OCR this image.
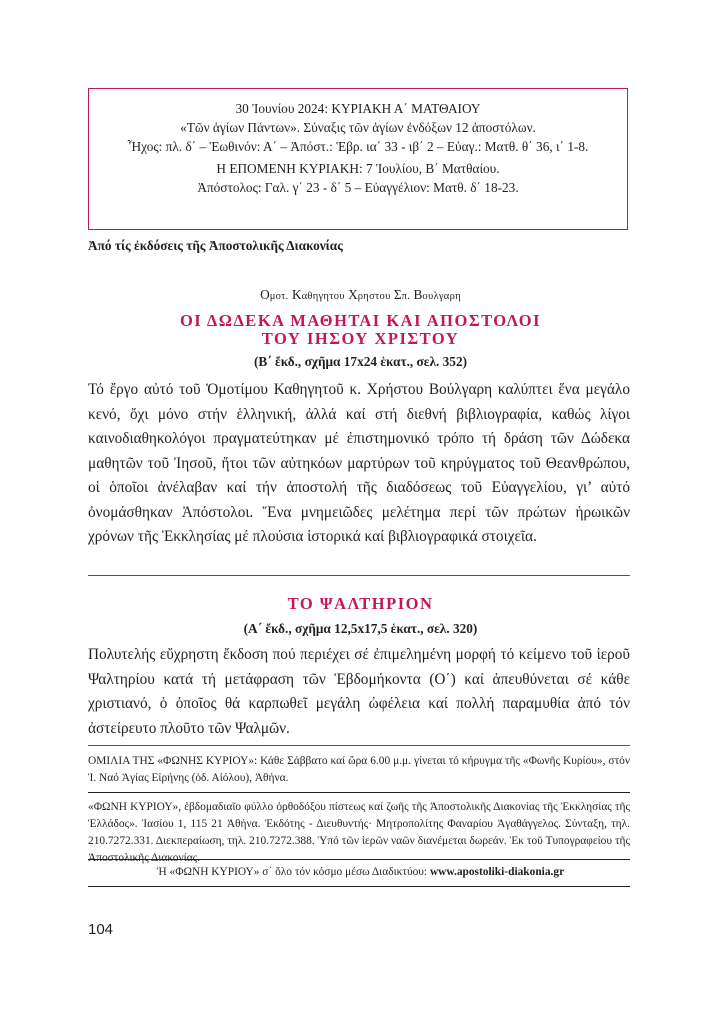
30 Ἰουνίου 2024: ΚΥΡΙΑΚΗ Α΄ ΜΑΤΘΑΙΟΥ
«Τῶν ἁγίων Πάντων». Σύναξις τῶν ἁγίων ἐνδόξων 12 ἀποστόλων.
Ἦχος: πλ. δ΄ – Ἑωθινόν: Α΄ – Ἀπόστ.: Ἑβρ. ια΄ 33 - ιβ΄ 2 – Εὐαγ.: Ματθ. θ΄ 36, ι΄ 1-8.
Η ΕΠΟΜΕΝΗ ΚΥΡΙΑΚΗ: 7 Ἰουλίου, Β΄ Ματθαίου.
Ἀπόστολος: Γαλ. γ΄ 23 - δ΄ 5 – Εὐαγγέλιον: Ματθ. δ΄ 18-23.
Ἀπό τίς ἐκδόσεις τῆς Ἀποστολικῆς Διακονίας
Ομοτ. Καθηγητου Χρηστου Σπ. Βουλγαρη
ΟΙ ΔΩΔΕΚΑ ΜΑΘΗΤΑΙ ΚΑΙ ΑΠΟΣΤΟΛΟΙ
ΤΟΥ ΙΗΣΟΥ ΧΡΙΣΤΟΥ
(Β΄ ἔκδ., σχῆμα 17x24 ἑκατ., σελ. 352)
Τό ἔργο αὐτό τοῦ Ὁμοτίμου Καθηγητοῦ κ. Χρήστου Βούλγαρη καλύπτει ἕνα μεγάλο κενό, ὄχι μόνο στήν ἑλληνική, ἀλλά καί στή διεθνή βιβλιογραφία, καθώς λίγοι καινοδιαθηκολόγοι πραγματεύτηκαν μέ ἐπιστημονικό τρόπο τή δράση τῶν Δώδεκα μαθητῶν τοῦ Ἰησοῦ, ἤτοι τῶν αὐτηκόων μαρτύρων τοῦ κηρύγματος τοῦ Θεανθρώπου, οἱ ὁποῖοι ἀνέλαβαν καί τήν ἀποστολή τῆς διαδόσεως τοῦ Εὐαγγελίου, γι’ αὐτό ὀνομάσθηκαν Ἀπόστολοι. Ἕνα μνημειῶδες μελέτημα περί τῶν πρώτων ἡρωικῶν χρόνων τῆς Ἐκκλησίας μέ πλούσια ἱστορικά καί βιβλιογραφικά στοιχεῖα.
ΤΟ ΨΑΛΤΗΡΙΟΝ
(Α΄ ἔκδ., σχῆμα 12,5x17,5 ἑκατ., σελ. 320)
Πολυτελής εὔχρηστη ἔκδοση πού περιέχει σέ ἐπιμελημένη μορφή τό κείμενο τοῦ ἱεροῦ Ψαλτηρίου κατά τή μετάφραση τῶν Ἑβδομήκοντα (Ο΄) καί ἀπευθύνεται σέ κάθε χριστιανό, ὁ ὁποῖος θά καρπωθεῖ μεγάλη ὠφέλεια καί πολλή παραμυθία ἀπό τόν ἀστείρευτο πλοῦτο τῶν Ψαλμῶν.
ΟΜΙΛΙΑ ΤΗΣ «ΦΩΝΗΣ ΚΥΡΙΟΥ»: Κάθε Σάββατο καί ὥρα 6.00 μ.μ. γίνεται τό κήρυγμα τῆς «Φωνῆς Κυρίου», στόν Ἱ. Ναό Ἁγίας Εἰρήνης (ὁδ. Αἰόλου), Ἀθήνα.
«ΦΩΝΗ ΚΥΡΙΟΥ», ἑβδομαδιαῖο φύλλο ὀρθοδόξου πίστεως καί ζωῆς τῆς Ἀποστολικῆς Διακονίας τῆς Ἐκκλησίας τῆς Ἑλλάδος». Ἰασίου 1, 115 21 Ἀθήνα. Ἐκδότης - Διευθυντής· Μητροπολίτης Φαναρίου Ἀγαθάγγελος. Σύνταξη, τηλ. 210.7272.331. Διεκπεραίωση, τηλ. 210.7272.388. Ὑπό τῶν ἱερῶν ναῶν διανέμεται δωρεάν. Ἐκ τοῦ Τυπογραφείου τῆς Ἀποστολικῆς Διακονίας.
Ἡ «ΦΩΝΗ ΚΥΡΙΟΥ» σ΄ ὅλο τόν κόσμο μέσω Διαδικτύου: www.apostoliki-diakonia.gr
104
